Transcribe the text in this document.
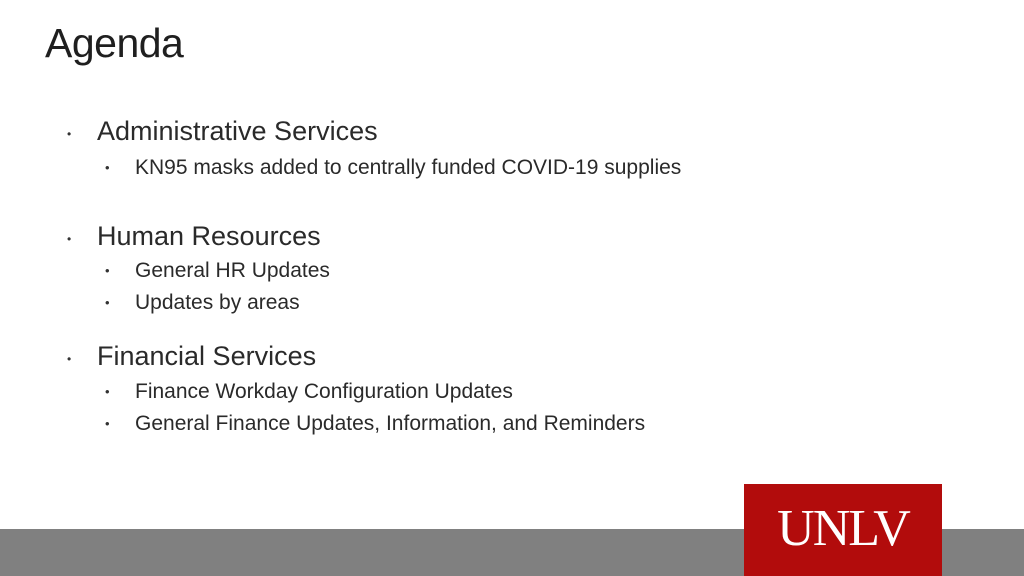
Agenda
• Administrative Services
• KN95 masks added to centrally funded COVID-19 supplies
• Human Resources
• General HR Updates
• Updates by areas
• Financial Services
• Finance Workday Configuration Updates
• General Finance Updates, Information, and Reminders
UNLV
